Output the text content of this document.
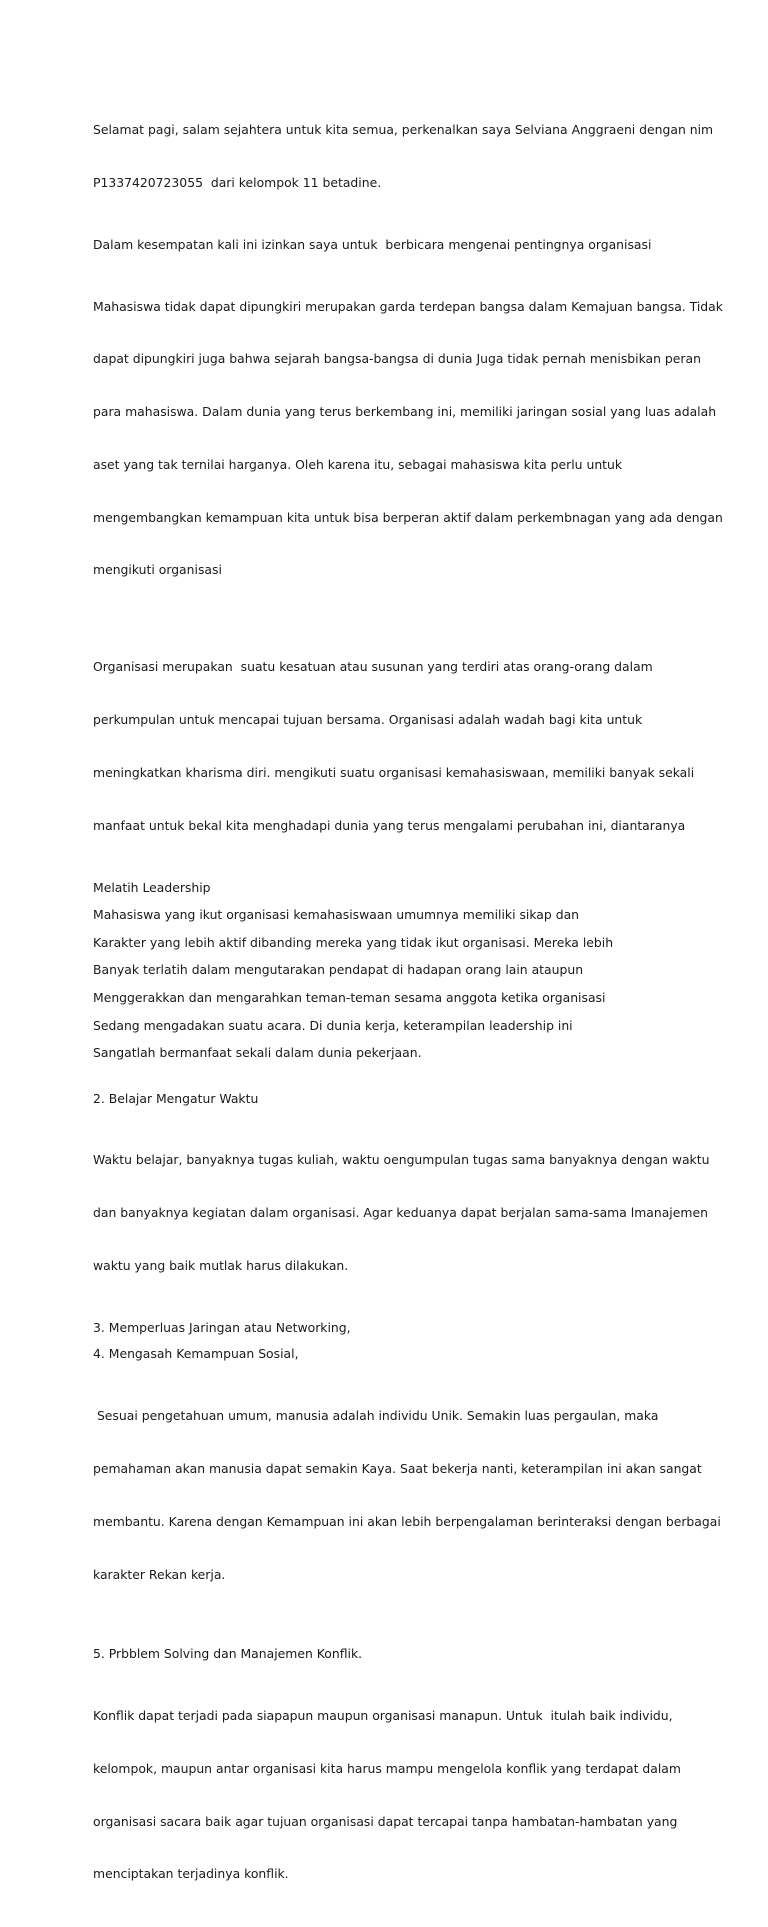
Selamat pagi, salam sejahtera untuk kita semua, perkenalkan saya Selviana Anggraeni dengan nim

P1337420723055  dari kelompok 11 betadine.

Dalam kesempatan kali ini izinkan saya untuk  berbicara mengenai pentingnya organisasi

Mahasiswa tidak dapat dipungkiri merupakan garda terdepan bangsa dalam Kemajuan bangsa. Tidak

dapat dipungkiri juga bahwa sejarah bangsa-bangsa di dunia Juga tidak pernah menisbikan peran

para mahasiswa. Dalam dunia yang terus berkembang ini, memiliki jaringan sosial yang luas adalah

aset yang tak ternilai harganya. Oleh karena itu, sebagai mahasiswa kita perlu untuk

mengembangkan kemampuan kita untuk bisa berperan aktif dalam perkembnagan yang ada dengan

mengikuti organisasi

Organisasi merupakan  suatu kesatuan atau susunan yang terdiri atas orang-orang dalam

perkumpulan untuk mencapai tujuan bersama. Organisasi adalah wadah bagi kita untuk

meningkatkan kharisma diri. mengikuti suatu organisasi kemahasiswaan, memiliki banyak sekali

manfaat untuk bekal kita menghadapi dunia yang terus mengalami perubahan ini, diantaranya

Melatih Leadership

Mahasiswa yang ikut organisasi kemahasiswaan umumnya memiliki sikap dan

Karakter yang lebih aktif dibanding mereka yang tidak ikut organisasi. Mereka lebih

Banyak terlatih dalam mengutarakan pendapat di hadapan orang lain ataupun

Menggerakkan dan mengarahkan teman-teman sesama anggota ketika organisasi

Sedang mengadakan suatu acara. Di dunia kerja, keterampilan leadership ini

Sangatlah bermanfaat sekali dalam dunia pekerjaan.

2. Belajar Mengatur Waktu

Waktu belajar, banyaknya tugas kuliah, waktu oengumpulan tugas sama banyaknya dengan waktu

dan banyaknya kegiatan dalam organisasi. Agar keduanya dapat berjalan sama-sama lmanajemen

waktu yang baik mutlak harus dilakukan.

3. Memperluas Jaringan atau Networking,

4. Mengasah Kemampuan Sosial,

Sesuai pengetahuan umum, manusia adalah individu Unik. Semakin luas pergaulan, maka

pemahaman akan manusia dapat semakin Kaya. Saat bekerja nanti, keterampilan ini akan sangat

membantu. Karena dengan Kemampuan ini akan lebih berpengalaman berinteraksi dengan berbagai

karakter Rekan kerja.

5. Prbblem Solving dan Manajemen Konflik.

Konflik dapat terjadi pada siapapun maupun organisasi manapun. Untuk  itulah baik individu,

kelompok, maupun antar organisasi kita harus mampu mengelola konflik yang terdapat dalam

organisasi sacara baik agar tujuan organisasi dapat tercapai tanpa hambatan-hambatan yang

menciptakan terjadinya konflik.
